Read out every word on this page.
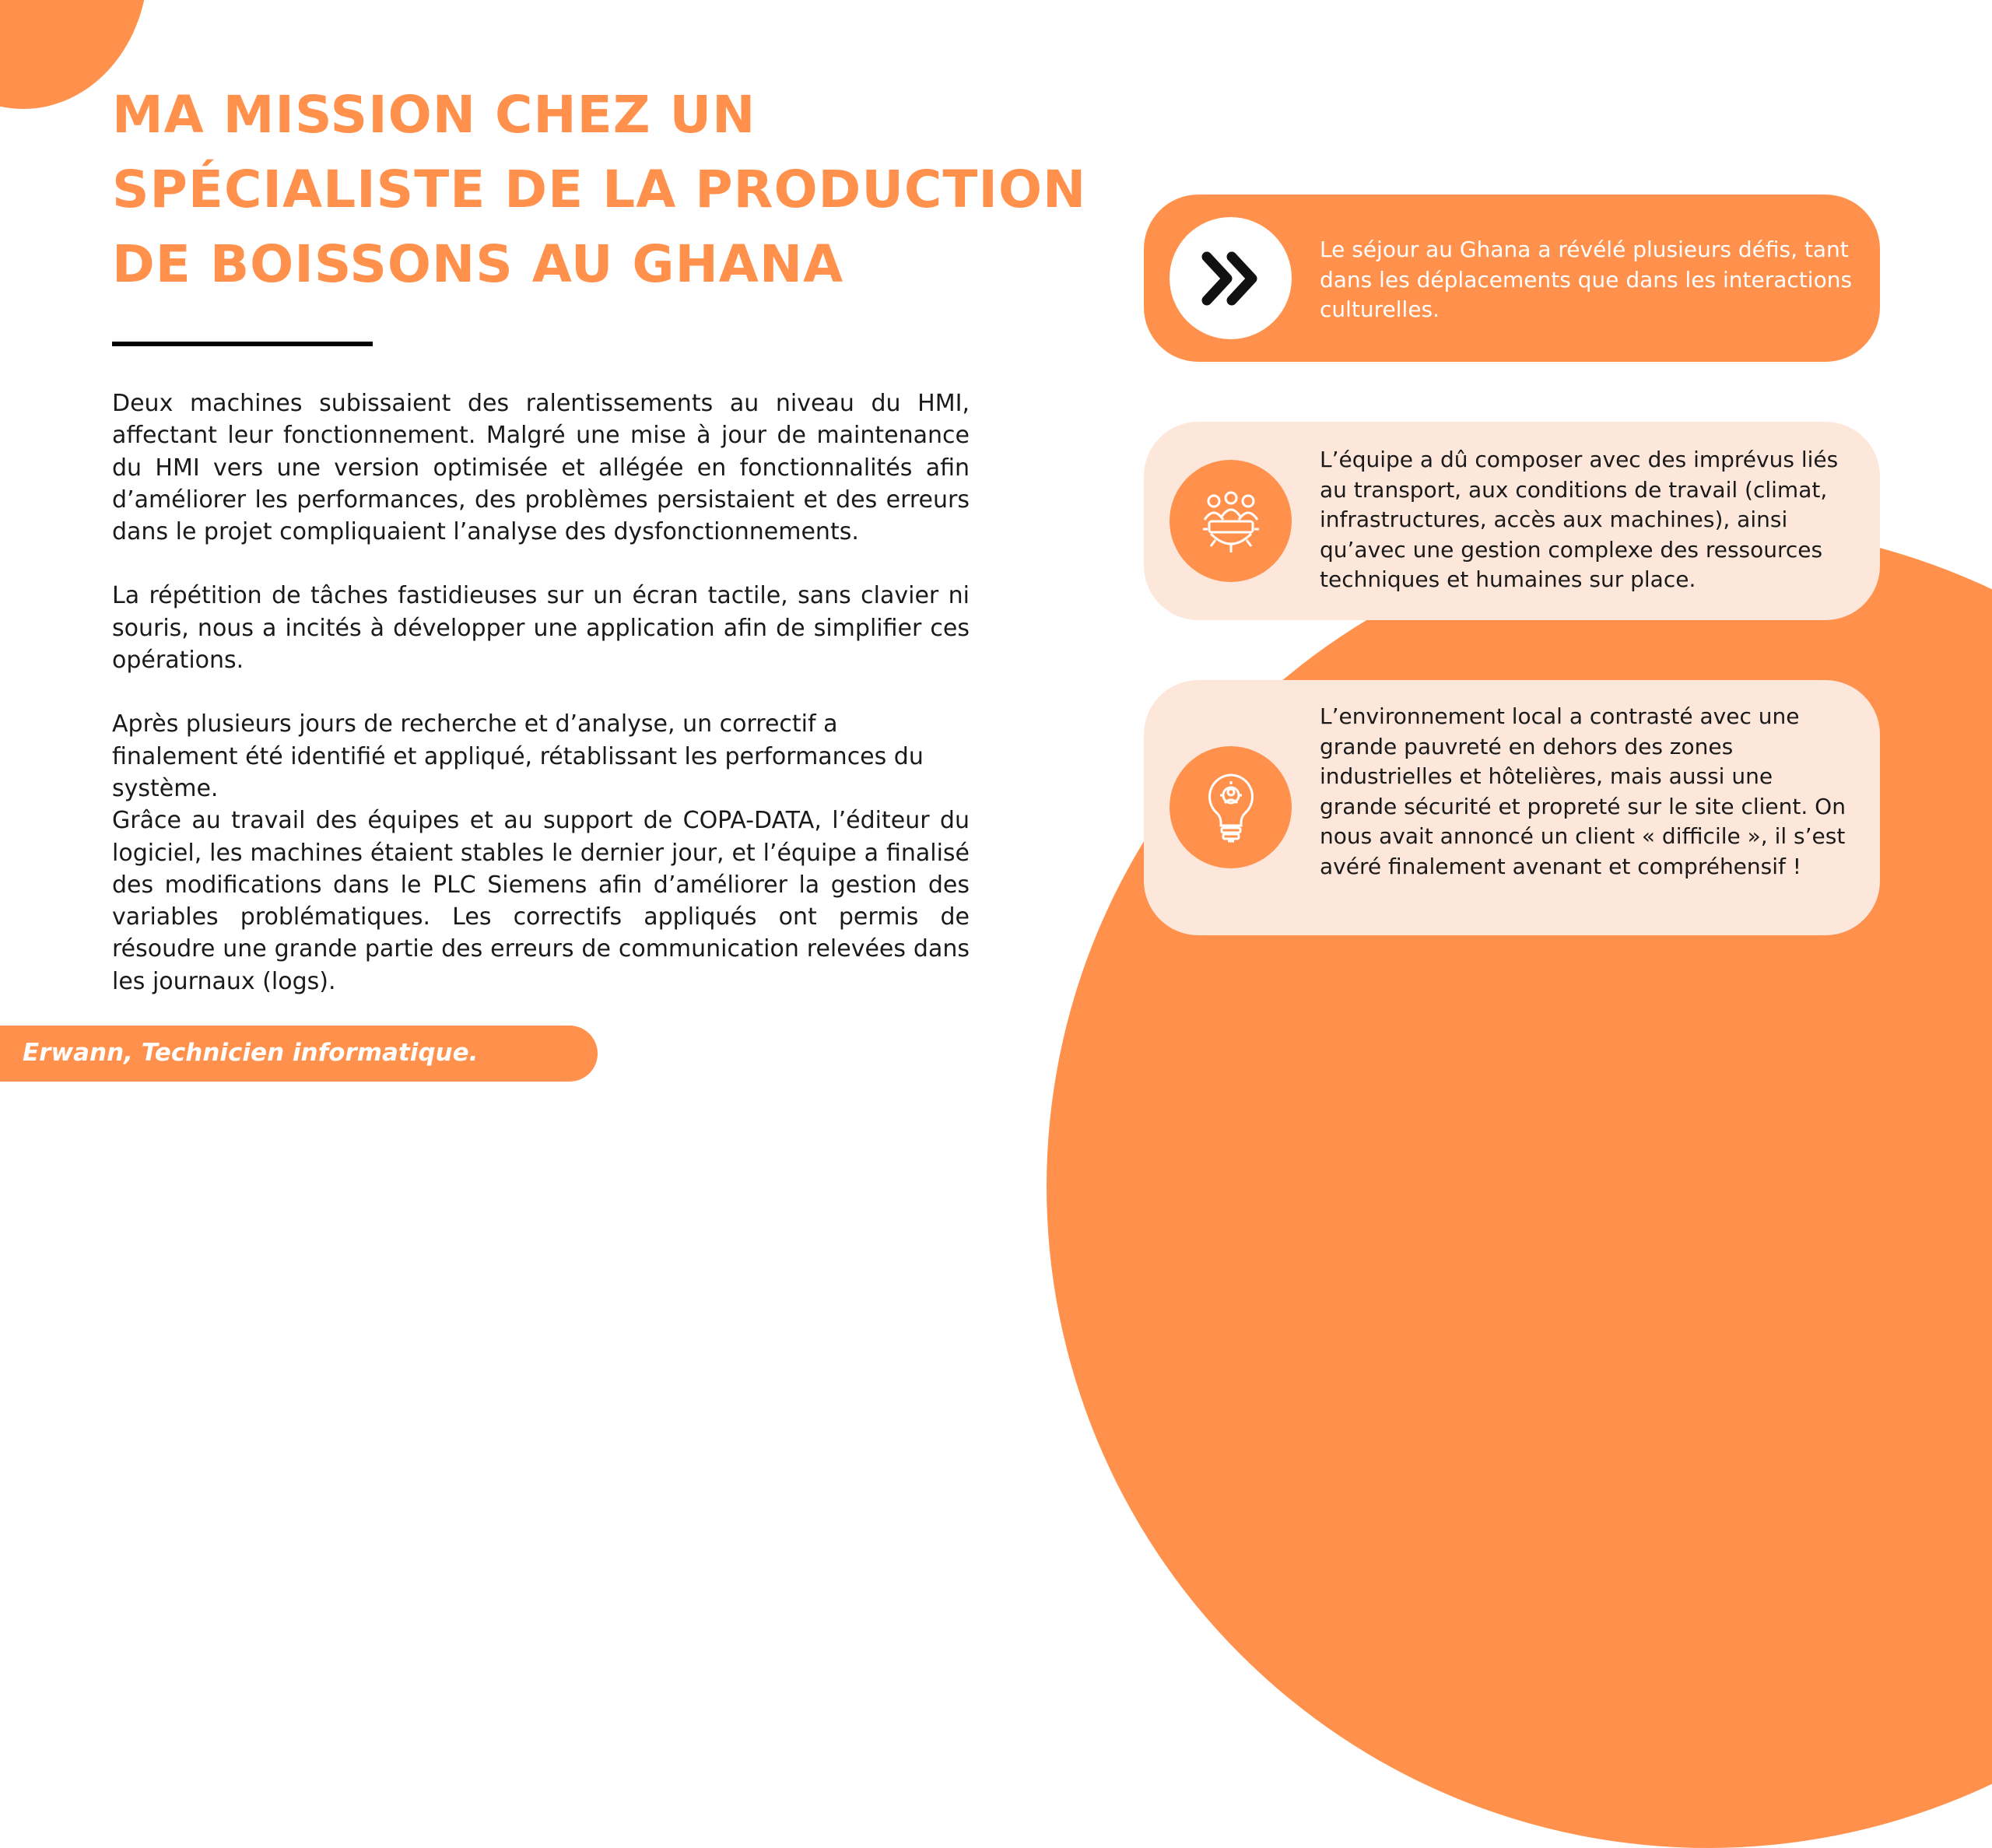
MA MISSION CHEZ UN
SPÉCIALISTE DE LA PRODUCTION
DE BOISSONS AU GHANA

Deux machines subissaient des ralentissements au niveau du HMI, affectant leur fonctionnement. Malgré une mise à jour de maintenance du HMI vers une version optimisée et allégée en fonctionnalités afin d’améliorer les performances, des problèmes persistaient et des erreurs dans le projet compliquaient l’analyse des dysfonctionnements.

La répétition de tâches fastidieuses sur un écran tactile, sans clavier ni souris, nous a incités à développer une application afin de simplifier ces opérations.

Après plusieurs jours de recherche et d’analyse, un correctif a finalement été identifié et appliqué, rétablissant les performances du système.

Grâce au travail des équipes et au support de COPA-DATA, l’éditeur du logiciel, les machines étaient stables le dernier jour, et l’équipe a finalisé des modifications dans le PLC Siemens afin d’améliorer la gestion des variables problématiques. Les correctifs appliqués ont permis de résoudre une grande partie des erreurs de communication relevées dans les journaux (logs).

Erwann, Technicien informatique.
Le séjour au Ghana a révélé plusieurs défis, tant dans les déplacements que dans les interactions culturelles.
L’équipe a dû composer avec des imprévus liés au transport, aux conditions de travail (climat, infrastructures, accès aux machines), ainsi qu’avec une gestion complexe des ressources techniques et humaines sur place.
L’environnement local a contrasté avec une grande pauvreté en dehors des zones industrielles et hôtelières, mais aussi une grande sécurité et propreté sur le site client. On nous avait annoncé un client « difficile », il s’est avéré finalement avenant et compréhensif !
